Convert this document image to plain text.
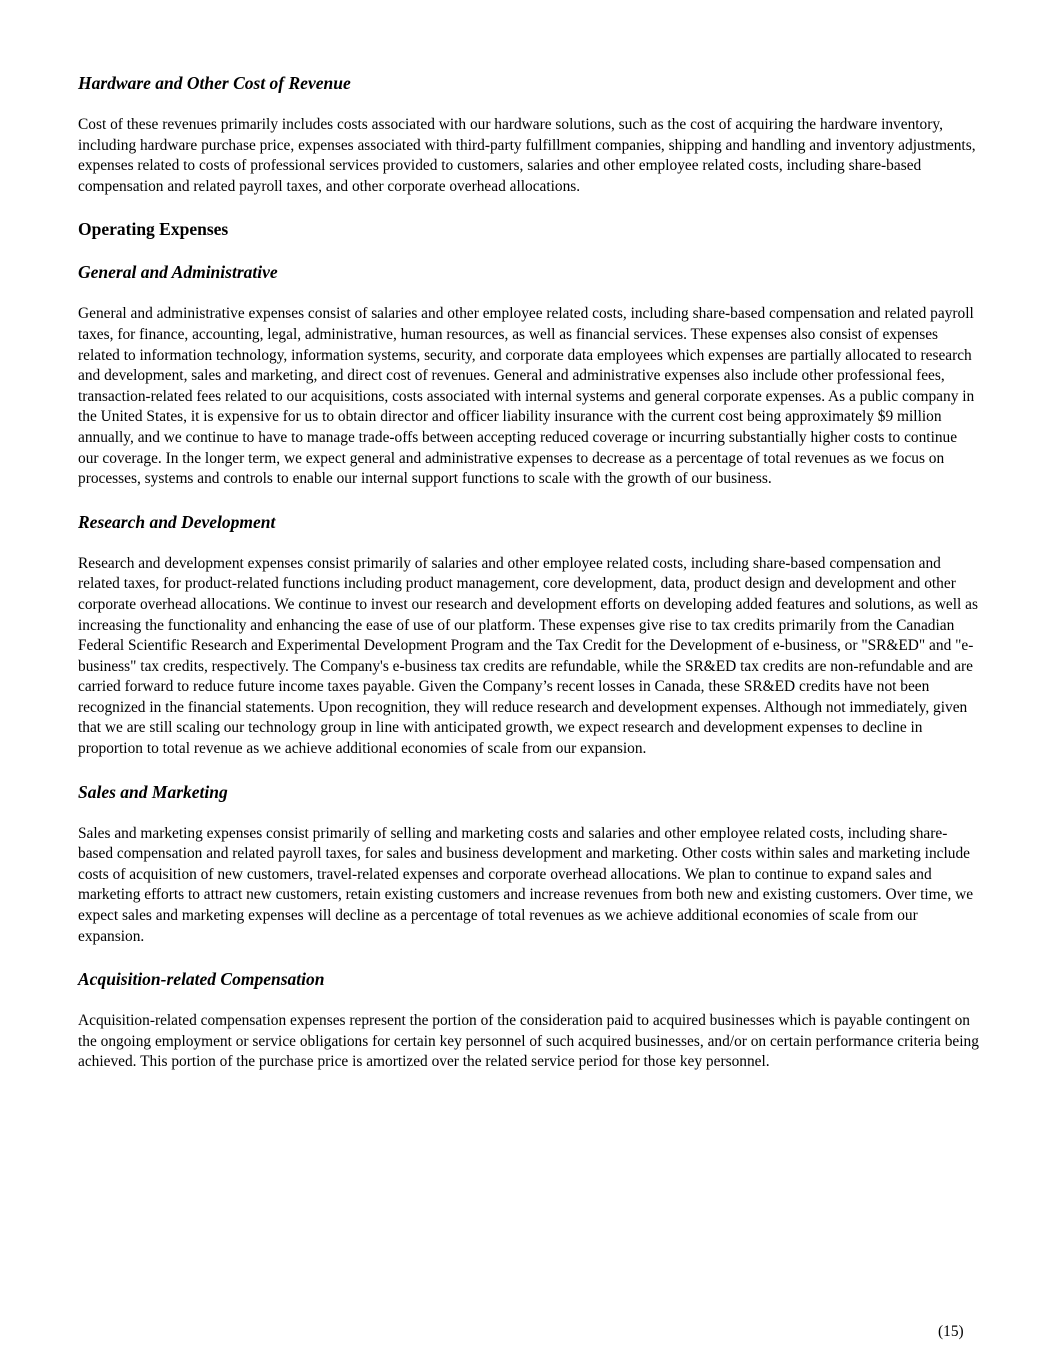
Hardware and Other Cost of Revenue

Cost of these revenues primarily includes costs associated with our hardware solutions, such as the cost of acquiring the hardware inventory, including hardware purchase price, expenses associated with third-party fulfillment companies, shipping and handling and inventory adjustments, expenses related to costs of professional services provided to customers, salaries and other employee related costs, including share-based compensation and related payroll taxes, and other corporate overhead allocations.

Operating Expenses
General and Administrative

General and administrative expenses consist of salaries and other employee related costs, including share-based compensation and related payroll taxes, for finance, accounting, legal, administrative, human resources, as well as financial services. These expenses also consist of expenses related to information technology, information systems, security, and corporate data employees which expenses are partially allocated to research and development, sales and marketing, and direct cost of revenues. General and administrative expenses also include other professional fees, transaction-related fees related to our acquisitions, costs associated with internal systems and general corporate expenses. As a public company in the United States, it is expensive for us to obtain director and officer liability insurance with the current cost being approximately $9 million annually, and we continue to have to manage trade-offs between accepting reduced coverage or incurring substantially higher costs to continue our coverage. In the longer term, we expect general and administrative expenses to decrease as a percentage of total revenues as we focus on processes, systems and controls to enable our internal support functions to scale with the growth of our business.

Research and Development

Research and development expenses consist primarily of salaries and other employee related costs, including share-based compensation and related taxes, for product-related functions including product management, core development, data, product design and development and other corporate overhead allocations. We continue to invest our research and development efforts on developing added features and solutions, as well as increasing the functionality and enhancing the ease of use of our platform. These expenses give rise to tax credits primarily from the Canadian Federal Scientific Research and Experimental Development Program and the Tax Credit for the Development of e-business, or "SR&ED" and "e-business" tax credits, respectively. The Company's e-business tax credits are refundable, while the SR&ED tax credits are non-refundable and are carried forward to reduce future income taxes payable. Given the Company’s recent losses in Canada, these SR&ED credits have not been recognized in the financial statements. Upon recognition, they will reduce research and development expenses. Although not immediately, given that we are still scaling our technology group in line with anticipated growth, we expect research and development expenses to decline in proportion to total revenue as we achieve additional economies of scale from our expansion.

Sales and Marketing

Sales and marketing expenses consist primarily of selling and marketing costs and salaries and other employee related costs, including share-based compensation and related payroll taxes, for sales and business development and marketing. Other costs within sales and marketing include costs of acquisition of new customers, travel-related expenses and corporate overhead allocations. We plan to continue to expand sales and marketing efforts to attract new customers, retain existing customers and increase revenues from both new and existing customers. Over time, we expect sales and marketing expenses will decline as a percentage of total revenues as we achieve additional economies of scale from our expansion.

Acquisition-related Compensation

Acquisition-related compensation expenses represent the portion of the consideration paid to acquired businesses which is payable contingent on the ongoing employment or service obligations for certain key personnel of such acquired businesses, and/or on certain performance criteria being achieved. This portion of the purchase price is amortized over the related service period for those key personnel.

(15)
